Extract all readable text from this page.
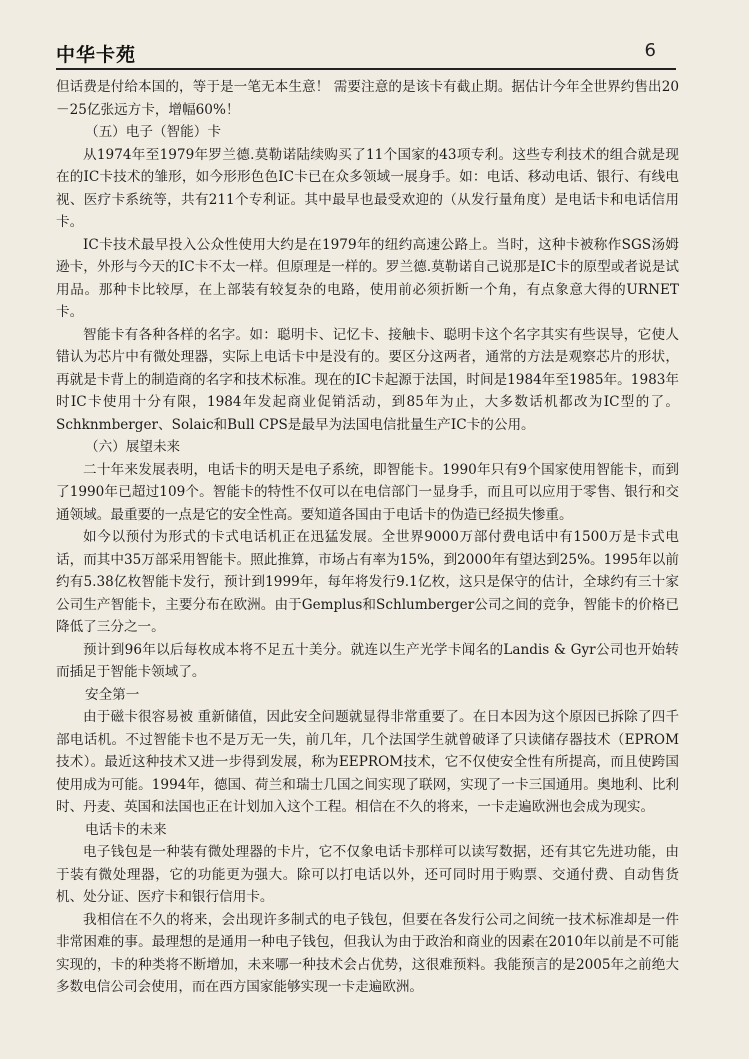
中华卡苑	6

但话费是付给本国的，等于是一笔无本生意！ 需要注意的是该卡有截止期。据估计今年全世界约售出20－25亿张远方卡，增幅60%！

（五）电子（智能）卡

从1974年至1979年罗兰德.莫勒诺陆续购买了11个国家的43项专利。这些专利技术的组合就是现在的IC卡技术的雏形，如今形形色色IC卡已在众多领域一展身手。如：电话、移动电话、银行、有线电视、医疗卡系统等，共有211个专利证。其中最早也最受欢迎的（从发行量角度）是电话卡和电话信用卡。

IC卡技术最早投入公众性使用大约是在1979年的纽约高速公路上。当时，这种卡被称作SGS汤姆逊卡，外形与今天的IC卡不太一样。但原理是一样的。罗兰德.莫勒诺自己说那是IC卡的原型或者说是试用品。那种卡比较厚，在上部装有较复杂的电路，使用前必须折断一个角，有点象意大得的URNET卡。

智能卡有各种各样的名字。如：聪明卡、记忆卡、接触卡、聪明卡这个名字其实有些误导，它使人错认为芯片中有微处理器，实际上电话卡中是没有的。要区分这两者，通常的方法是观察芯片的形状，再就是卡背上的制造商的名字和技术标准。现在的IC卡起源于法国，时间是1984年至1985年。1983年时IC卡使用十分有限，1984年发起商业促销活动，到85年为止，大多数话机都改为IC型的了。Schknmberger、Solaic和Bull CPS是最早为法国电信批量生产IC卡的公用。

（六）展望未来

二十年来发展表明，电话卡的明天是电子系统，即智能卡。1990年只有9个国家使用智能卡，而到了1990年已超过109个。智能卡的特性不仅可以在电信部门一显身手，而且可以应用于零售、银行和交通领域。最重要的一点是它的安全性高。要知道各国由于电话卡的伪造已经损失惨重。

如今以预付为形式的卡式电话机正在迅猛发展。全世界9000万部付费电话中有1500万是卡式电话，而其中35万部采用智能卡。照此推算，市场占有率为15%，到2000年有望达到25%。1995年以前约有5.38亿枚智能卡发行，预计到1999年，每年将发行9.1亿枚，这只是保守的估计，全球约有三十家公司生产智能卡，主要分布在欧洲。由于Gemplus和Schlumberger公司之间的竞争，智能卡的价格已降低了三分之一。

预计到96年以后每枚成本将不足五十美分。就连以生产光学卡闻名的Landis & Gyr公司也开始转而插足于智能卡领域了。

安全第一

由于磁卡很容易被 重新储值，因此安全问题就显得非常重要了。在日本因为这个原因已拆除了四千部电话机。不过智能卡也不是万无一失，前几年，几个法国学生就曾破译了只读储存器技术（EPROM技术）。最近这种技术又进一步得到发展，称为EEPROM技术，它不仅使安全性有所提高，而且使跨国使用成为可能。1994年，德国、荷兰和瑞士几国之间实现了联网，实现了一卡三国通用。奥地利、比利时、丹麦、英国和法国也正在计划加入这个工程。相信在不久的将来，一卡走遍欧洲也会成为现实。

电话卡的未来

电子钱包是一种装有微处理器的卡片，它不仅象电话卡那样可以读写数据，还有其它先进功能，由于装有微处理器，它的功能更为强大。除可以打电话以外，还可同时用于购票、交通付费、自动售货机、处分证、医疗卡和银行信用卡。

我相信在不久的将来，会出现许多制式的电子钱包，但要在各发行公司之间统一技术标准却是一件非常困难的事。最理想的是通用一种电子钱包，但我认为由于政治和商业的因素在2010年以前是不可能实现的，卡的种类将不断增加，未来哪一种技术会占优势，这很难预料。我能预言的是2005年之前绝大多数电信公司会使用，而在西方国家能够实现一卡走遍欧洲。
